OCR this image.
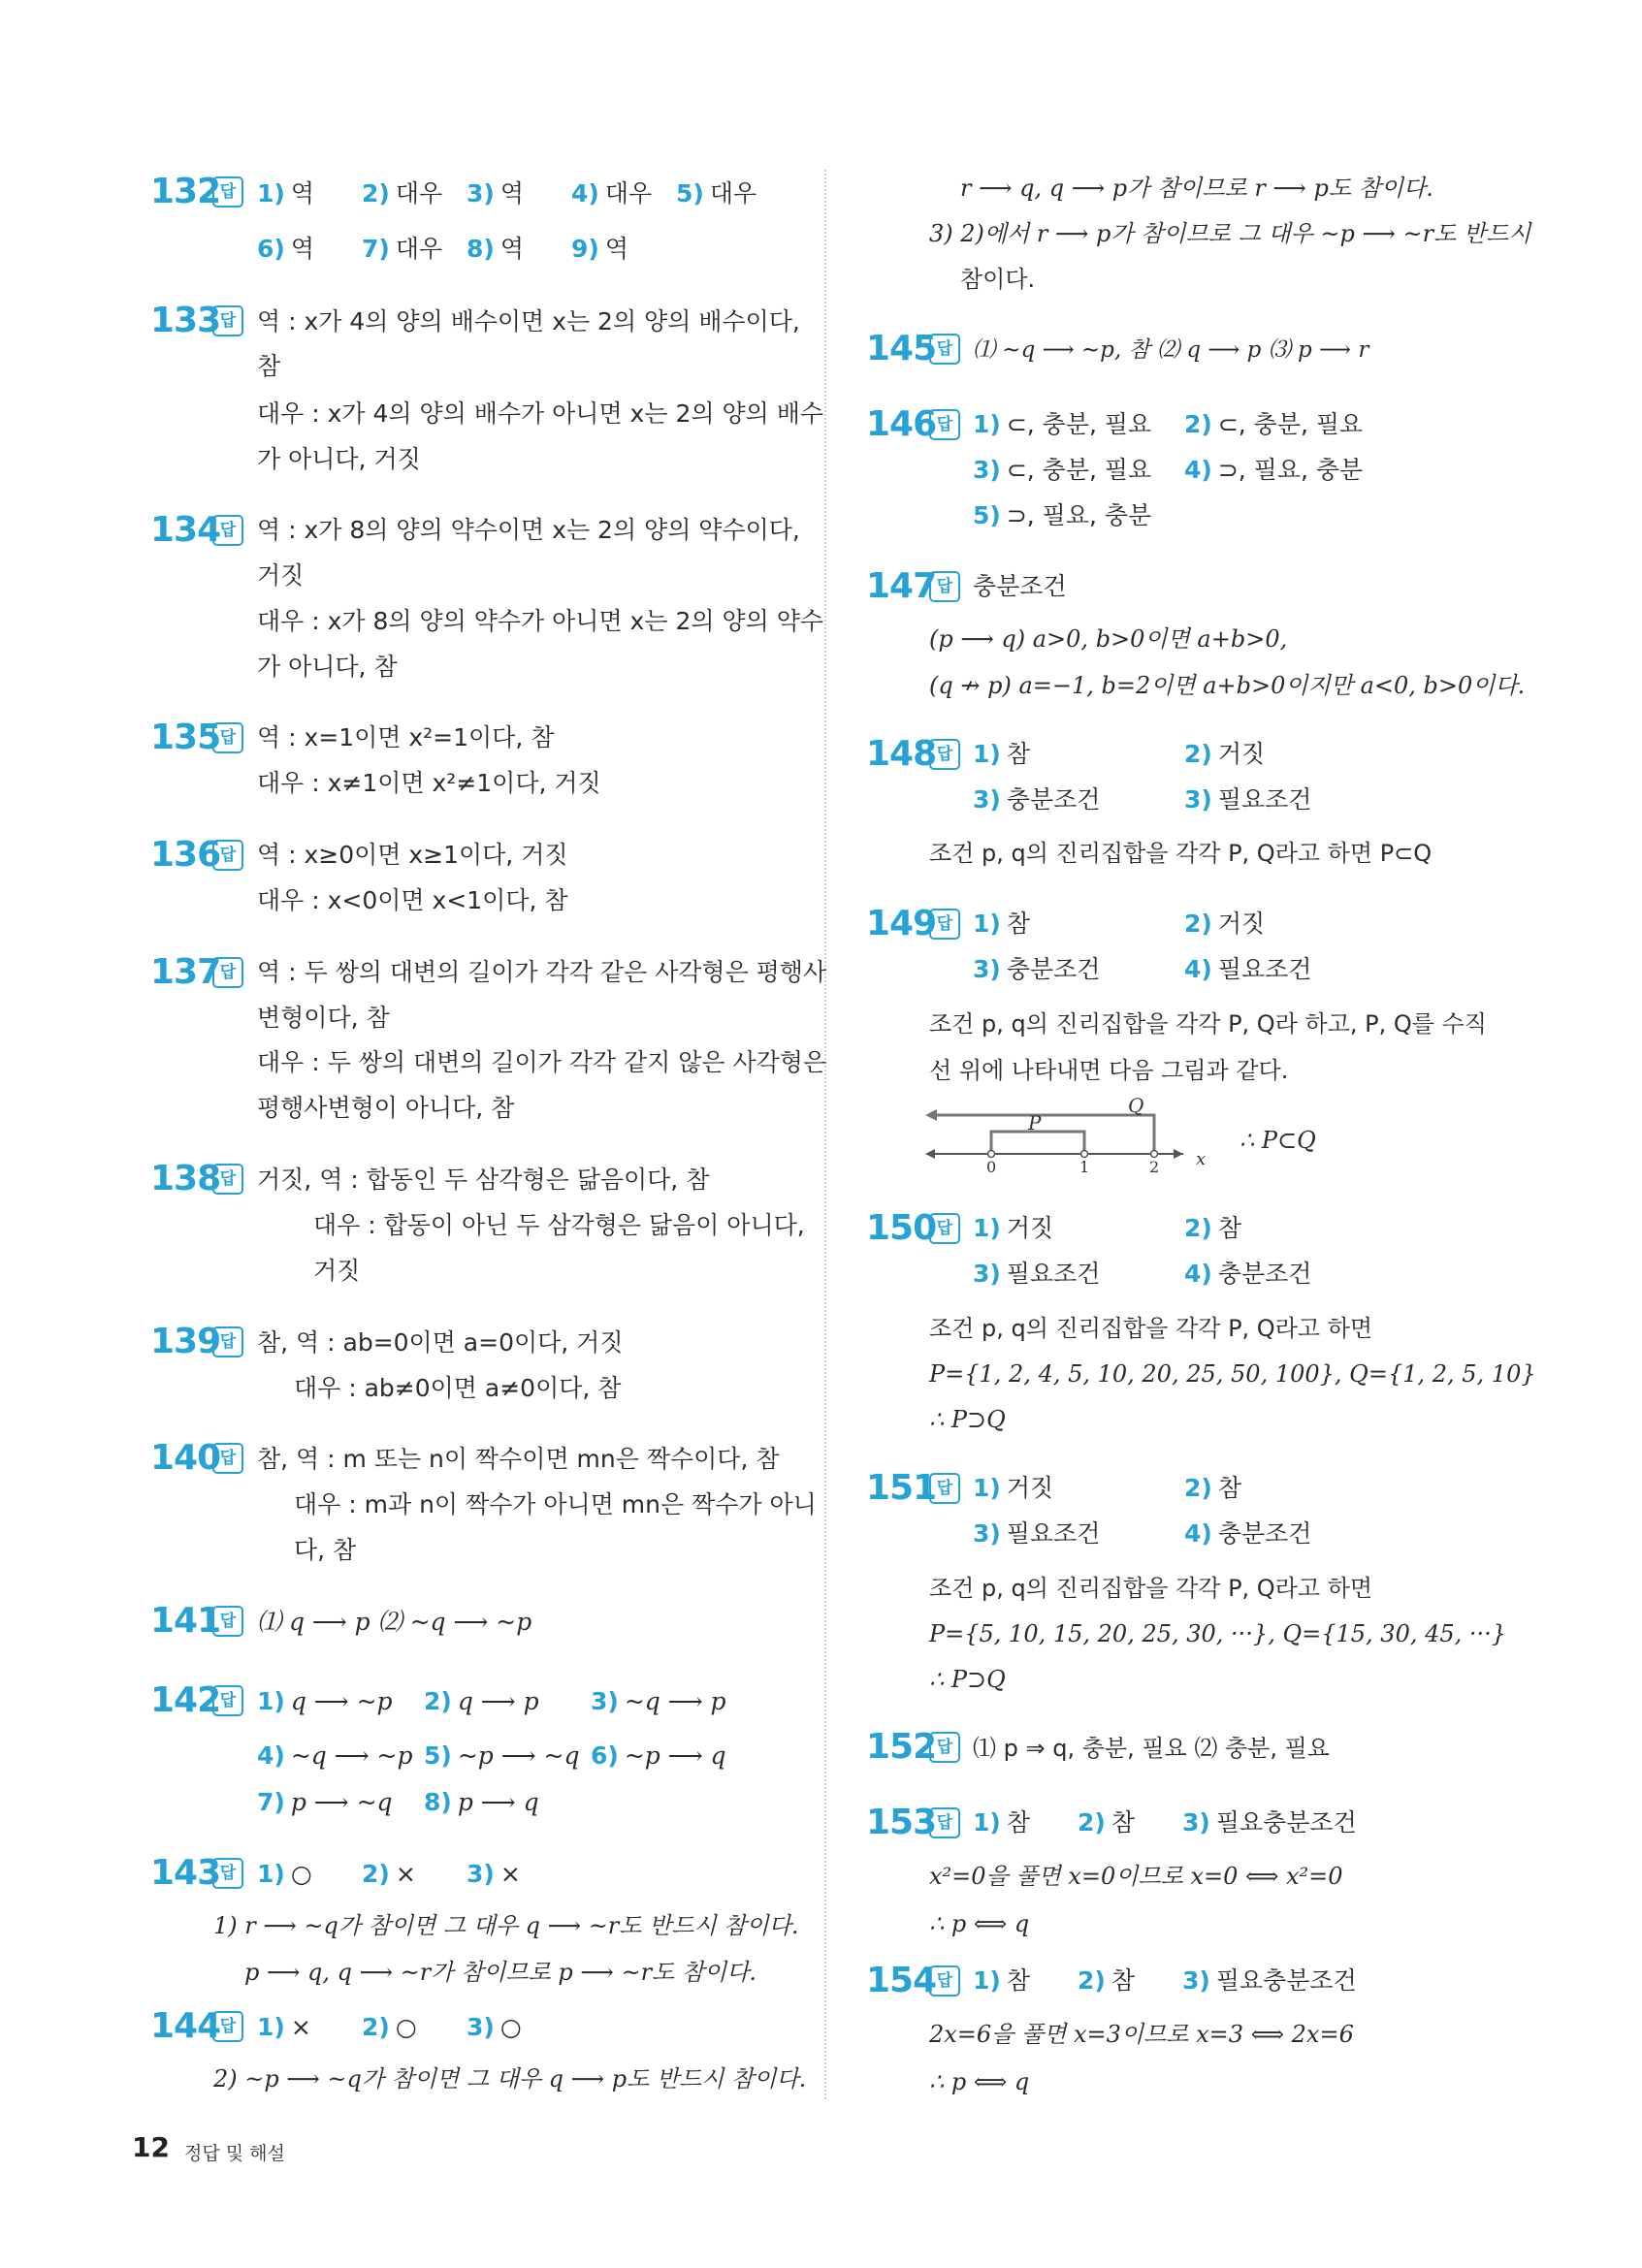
132 답 1) 역 2) 대우 3) 역 4) 대우 5) 대우
6) 역 7) 대우 8) 역 9) 역
133 답 역 : x가 4의 양의 배수이면 x는 2의 양의 배수이다,
참
대우 : x가 4의 양의 배수가 아니면 x는 2의 양의 배수
가 아니다, 거짓
134 답 역 : x가 8의 양의 약수이면 x는 2의 양의 약수이다,
거짓
대우 : x가 8의 양의 약수가 아니면 x는 2의 양의 약수
가 아니다, 참
135 답 역 : x=1이면 x²=1이다, 참
대우 : x≠1이면 x²≠1이다, 거짓
136 답 역 : x≥0이면 x≥1이다, 거짓
대우 : x<0이면 x<1이다, 참
137 답 역 : 두 쌍의 대변의 길이가 각각 같은 사각형은 평행사
변형이다, 참
대우 : 두 쌍의 대변의 길이가 각각 같지 않은 사각형은
평행사변형이 아니다, 참
138 답 거짓, 역 : 합동인 두 삼각형은 닮음이다, 참
대우 : 합동이 아닌 두 삼각형은 닮음이 아니다,
거짓
139 답 참, 역 : ab=0이면 a=0이다, 거짓
대우 : ab≠0이면 a≠0이다, 참
140 답 참, 역 : m 또는 n이 짝수이면 mn은 짝수이다, 참
대우 : m과 n이 짝수가 아니면 mn은 짝수가 아니
다, 참
141 답 ⑴ q ⟶ p ⑵ ~q ⟶ ~p
142 답 1) q ⟶ ~p 2) q ⟶ p 3) ~q ⟶ p
4) ~q ⟶ ~p 5) ~p ⟶ ~q 6) ~p ⟶ q
7) p ⟶ ~q 8) p ⟶ q
143 답 1) ○ 2) × 3) ×
1) r ⟶ ~q가 참이면 그 대우 q ⟶ ~r도 반드시 참이다.
p ⟶ q, q ⟶ ~r가 참이므로 p ⟶ ~r도 참이다.
144 답 1) × 2) ○ 3) ○
2) ~p ⟶ ~q가 참이면 그 대우 q ⟶ p도 반드시 참이다.
r ⟶ q, q ⟶ p가 참이므로 r ⟶ p도 참이다.
3) 2)에서 r ⟶ p가 참이므로 그 대우 ~p ⟶ ~r도 반드시
참이다.
145 답 ⑴ ~q ⟶ ~p, 참 ⑵ q ⟶ p ⑶ p ⟶ r
146 답 1) ⊂, 충분, 필요 2) ⊂, 충분, 필요
3) ⊂, 충분, 필요 4) ⊃, 필요, 충분
5) ⊃, 필요, 충분
147 답 충분조건
(p ⟶ q) a>0, b>0이면 a+b>0,
(q ↛ p) a=−1, b=2이면 a+b>0이지만 a<0, b>0이다.
148 답 1) 참	2) 거짓
3) 충분조건	3) 필요조건
조건 p, q의 진리집합을 각각 P, Q라고 하면 P⊂Q
149 답 1) 참	2) 거짓
3) 충분조건	4) 필요조건
조건 p, q의 진리집합을 각각 P, Q라 하고, P, Q를 수직
선 위에 나타내면 다음 그림과 같다.
P
Q
0	1	2 x
∴ P⊂Q
150 답 1) 거짓	2) 참
3) 필요조건	4) 충분조건
조건 p, q의 진리집합을 각각 P, Q라고 하면
P={1, 2, 4, 5, 10, 20, 25, 50, 100}, Q={1, 2, 5, 10}
∴ P⊃Q
151 답 1) 거짓	2) 참
3) 필요조건	4) 충분조건
조건 p, q의 진리집합을 각각 P, Q라고 하면
P={5, 10, 15, 20, 25, 30, ···}, Q={15, 30, 45, ···}
∴ P⊃Q
152 답 ⑴ p ⇒ q, 충분, 필요 ⑵ 충분, 필요
153 답 1) 참 2) 참 3) 필요충분조건
x²=0을 풀면 x=0이므로 x=0 ⟺ x²=0
∴ p ⟺ q
154 답 1) 참 2) 참 3) 필요충분조건
2x=6을 풀면 x=3이므로 x=3 ⟺ 2x=6
∴ p ⟺ q
12 정답 및 해설
